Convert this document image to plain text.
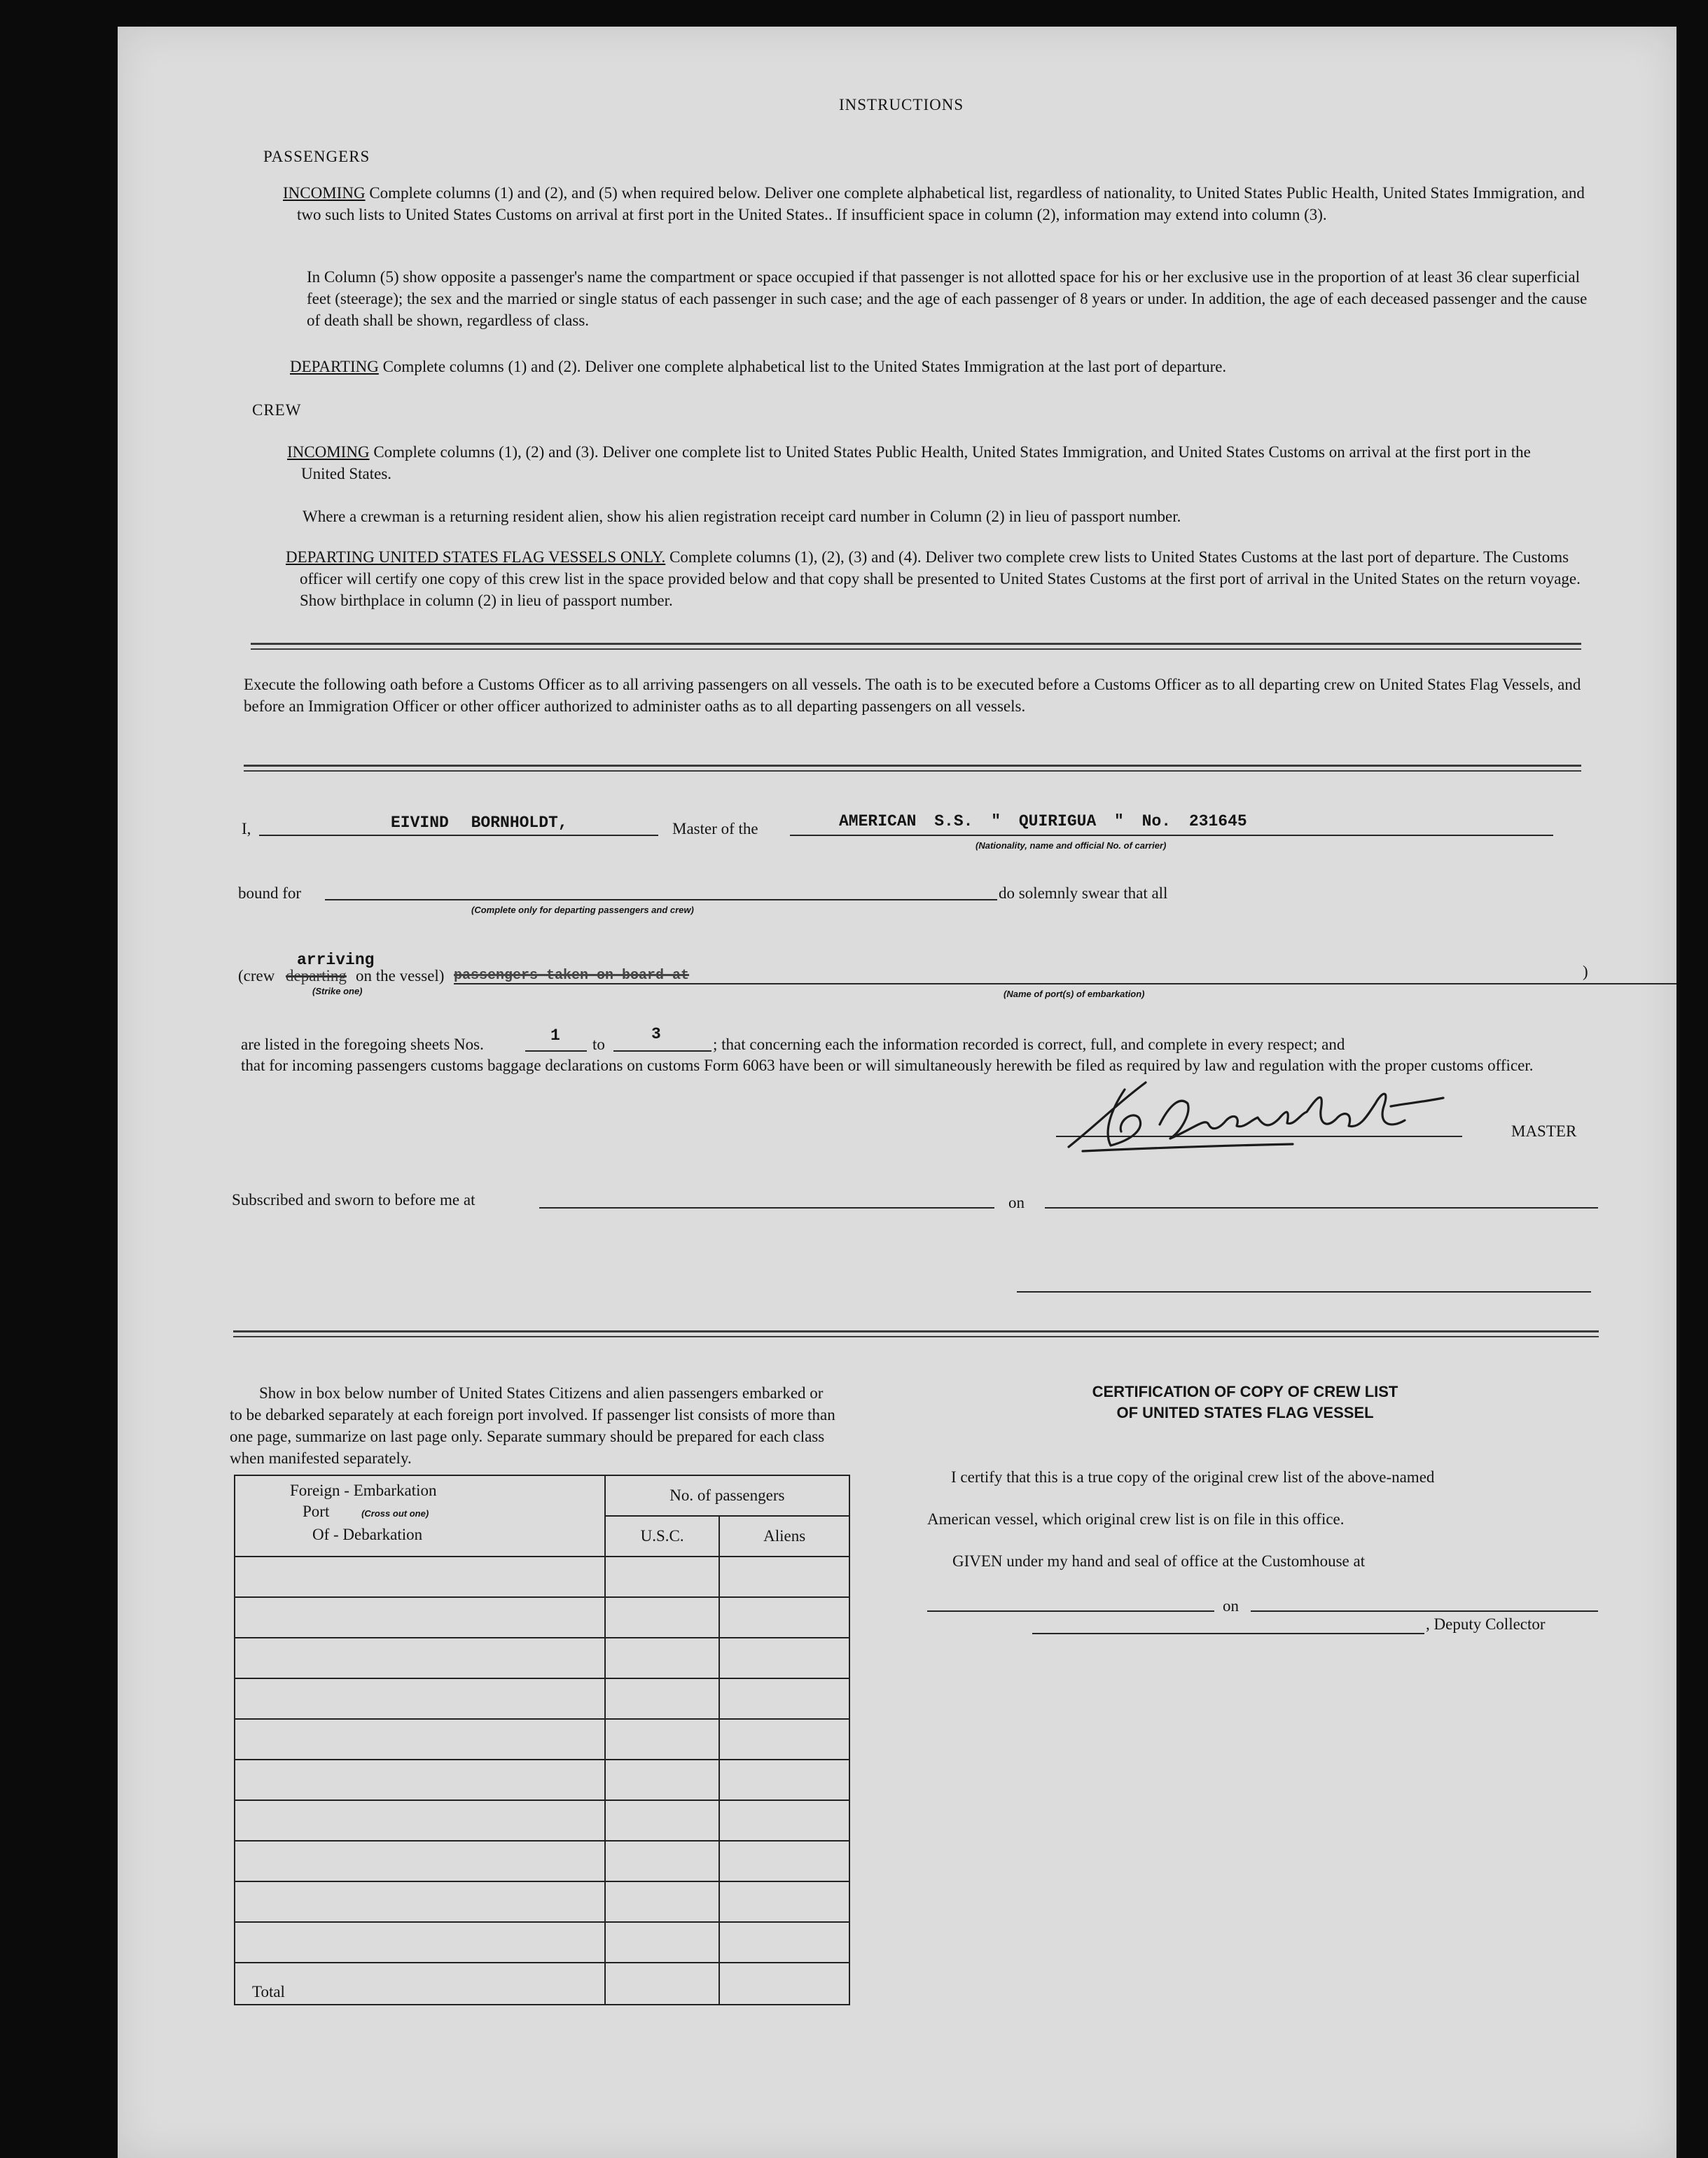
INSTRUCTIONS
PASSENGERS
INCOMING Complete columns (1) and (2), and (5) when required below. Deliver one complete alphabetical list, regardless of nationality, to United States Public Health, United States Immigration, and two such lists to United States Customs on arrival at first port in the United States.. If insufficient space in column (2), information may extend into column (3).
In Column (5) show opposite a passenger's name the compartment or space occupied if that passenger is not allotted space for his or her exclusive use in the proportion of at least 36 clear superficial feet (steerage); the sex and the married or single status of each passenger in such case; and the age of each passenger of 8 years or under. In addition, the age of each deceased passenger and the cause of death shall be shown, regardless of class.
DEPARTING Complete columns (1) and (2). Deliver one complete alphabetical list to the United States Immigration at the last port of departure.
CREW
INCOMING Complete columns (1), (2) and (3). Deliver one complete list to United States Public Health, United States Immigration, and United States Customs on arrival at the first port in the United States.
Where a crewman is a returning resident alien, show his alien registration receipt card number in Column (2) in lieu of passport number.
DEPARTING UNITED STATES FLAG VESSELS ONLY. Complete columns (1), (2), (3) and (4). Deliver two complete crew lists to United States Customs at the last port of departure. The Customs officer will certify one copy of this crew list in the space provided below and that copy shall be presented to United States Customs at the first port of arrival in the United States on the return voyage. Show birthplace in column (2) in lieu of passport number.
Execute the following oath before a Customs Officer as to all arriving passengers on all vessels. The oath is to be executed before a Customs Officer as to all departing crew on United States Flag Vessels, and before an Immigration Officer or other officer authorized to administer oaths as to all departing passengers on all vessels.
I,	EIVIND BORNHOLDT,	Master of the	AMERICAN S.S. " QUIRIGUA " No. 231645
(Nationality, name and official No. of carrier)
bound for
(Complete only for departing passengers and crew)
do solemnly swear that all
arriving
(crew departing on the vessel)
(Strike one)
passengers taken on board at
(Name of port(s) of embarkation)
)
are listed in the foregoing sheets Nos.	1 to
3
; that concerning each the information recorded is correct, full, and complete in every respect; and
that for incoming passengers customs baggage declarations on customs Form 6063 have been or will simultaneously herewith be filed as required by law and regulation with the proper customs officer.
MASTER
Subscribed and sworn to before me at	on
Show in box below number of United States Citizens and alien passengers embarked or to be debarked separately at each foreign port involved. If passenger list consists of more than one page, summarize on last page only. Separate summary should be prepared for each class when manifested separately.
Foreign - Embarkation
Port (Cross out one)
Of - Debarkation	No. of passengers	
	U.S.C.	Aliens

Total		
CERTIFICATION OF COPY OF CREW LIST
OF UNITED STATES FLAG VESSEL
I certify that this is a true copy of the original crew list of the above-named
American vessel, which original crew list is on file in this office.
GIVEN under my hand and seal of office at the Customhouse at
on
, Deputy Collector
